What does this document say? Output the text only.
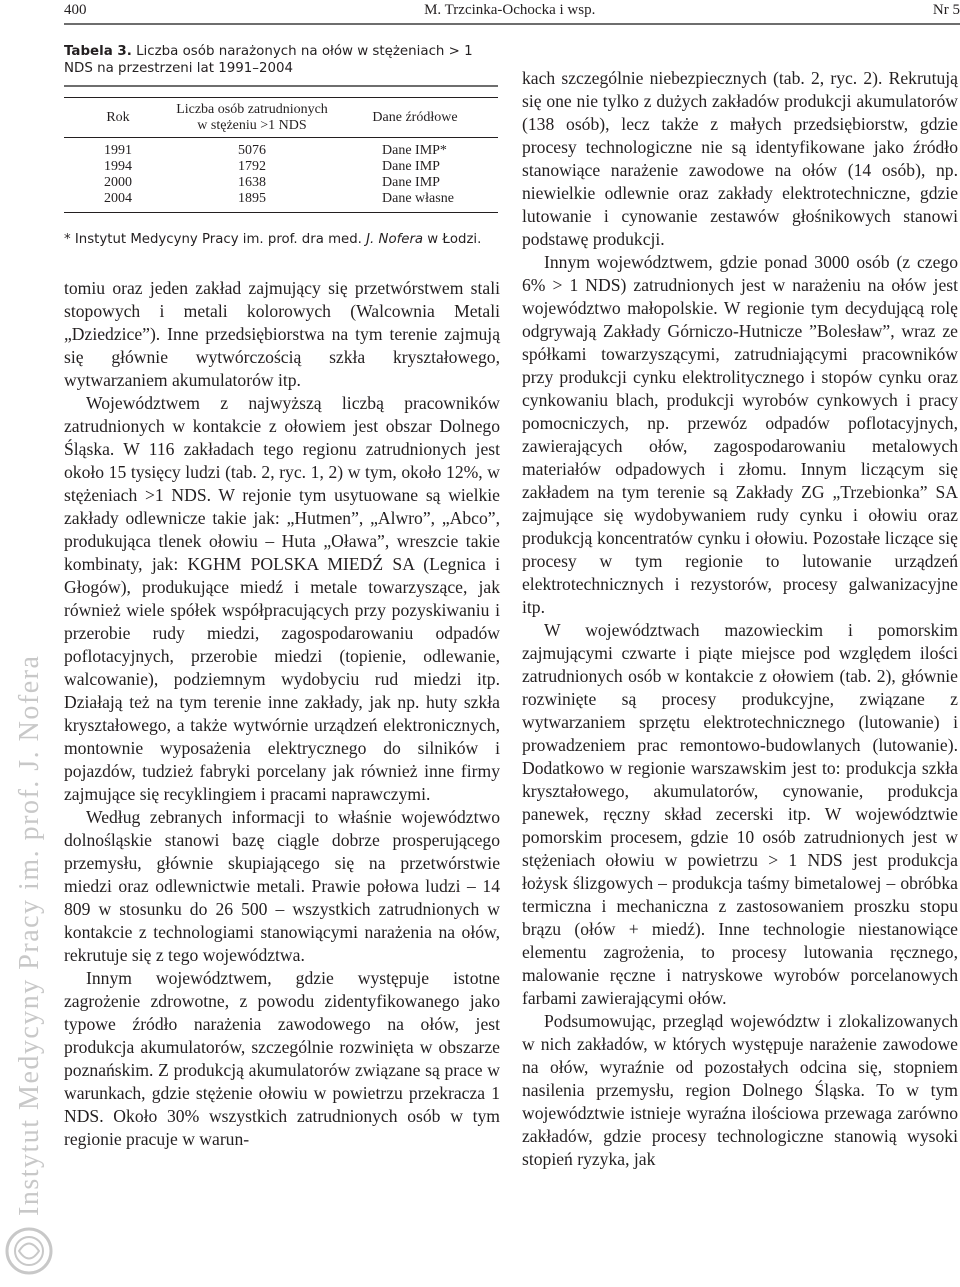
400	M. Trzcinka-Ochocka i wsp.	Nr 5

Tabela 3. Liczba osób narażonych na ołów w stężeniach > 1 NDS na przestrzeni lat 1991–2004

Rok	Liczba osób zatrudnionych w stężeniu >1 NDS	Dane źródłowe
1991	5076	Dane IMP*
1994	1792	Dane IMP
2000	1638	Dane IMP
2004	1895	Dane własne

* Instytut Medycyny Pracy im. prof. dra med. J. Nofera w Łodzi.

tomiu oraz jeden zakład zajmujący się przetwórstwem stali stopowych i metali kolorowych (Walcownia Metali „Dziedzice”). Inne przedsiębiorstwa na tym terenie zajmują się głównie wytwórczością szkła kryształowego, wytwarzaniem akumulatorów itp.

Województwem z najwyższą liczbą pracowników zatrudnionych w kontakcie z ołowiem jest obszar Dolnego Śląska. W 116 zakładach tego regionu zatrudnionych jest około 15 tysięcy ludzi (tab. 2, ryc. 1, 2) w tym, około 12%, w stężeniach >1 NDS. W rejonie tym usytuowane są wielkie zakłady odlewnicze takie jak: „Hutmen”, „Alwro”, „Abco”, produkująca tlenek ołowiu – Huta „Oława”, wreszcie takie kombinaty, jak: KGHM POLSKA MIEDŹ SA (Legnica i Głogów), produkujące miedź i metale towarzyszące, jak również wiele spółek współpracujących przy pozyskiwaniu i przerobie rudy miedzi, zagospodarowaniu odpadów poflotacyjnych, przerobie miedzi (topienie, odlewanie, walcowanie), podziemnym wydobyciu rud miedzi itp. Działają też na tym terenie inne zakłady, jak np. huty szkła kryształowego, a także wytwórnie urządzeń elektronicznych, montownie wyposażenia elektrycznego do silników i pojazdów, tudzież fabryki porcelany jak również inne firmy zajmujące się recyklingiem i pracami naprawczymi.

Według zebranych informacji to właśnie województwo dolnośląskie stanowi bazę ciągle dobrze prosperującego przemysłu, głównie skupiającego się na przetwórstwie miedzi oraz odlewnictwie metali. Prawie połowa ludzi – 14 809 w stosunku do 26 500 – wszystkich zatrudnionych w kontakcie z technologiami stanowiącymi narażenia na ołów, rekrutuje się z tego województwa.

Innym województwem, gdzie występuje istotne zagrożenie zdrowotne, z powodu zidentyfikowanego jako typowe źródło narażenia zawodowego na ołów, jest produkcja akumulatorów, szczególnie rozwinięta w obszarze poznańskim. Z produkcją akumulatorów związane są prace w warunkach, gdzie stężenie ołowiu w powietrzu przekracza 1 NDS. Około 30% wszystkich zatrudnionych osób w tym regionie pracuje w warun-

kach szczególnie niebezpiecznych (tab. 2, ryc. 2). Rekrutują się one nie tylko z dużych zakładów produkcji akumulatorów (138 osób), lecz także z małych przedsiębiorstw, gdzie procesy technologiczne nie są identyfikowane jako źródło stanowiące narażenie zawodowe na ołów (14 osób), np. niewielkie odlewnie oraz zakłady elektrotechniczne, gdzie lutowanie i cynowanie zestawów głośnikowych stanowi podstawę produkcji.

Innym województwem, gdzie ponad 3000 osób (z czego 6% > 1 NDS) zatrudnionych jest w narażeniu na ołów jest województwo małopolskie. W regionie tym decydującą rolę odgrywają Zakłady Górniczo-Hutnicze ”Bolesław”, wraz ze spółkami towarzyszącymi, zatrudniającymi pracowników przy produkcji cynku elektrolitycznego i stopów cynku oraz cynkowaniu blach, produkcji wyrobów cynkowych i pracy pomocniczych, np. przewóz odpadów poflotacyjnych, zawierających ołów, zagospodarowaniu metalowych materiałów odpadowych i złomu. Innym liczącym się zakładem na tym terenie są Zakłady ZG „Trzebionka” SA zajmujące się wydobywaniem rudy cynku i ołowiu oraz produkcją koncentratów cynku i ołowiu. Pozostałe liczące się procesy w tym regionie to lutowanie urządzeń elektrotechnicznych i rezystorów, procesy galwanizacyjne itp.

W województwach mazowieckim i pomorskim zajmującymi czwarte i piąte miejsce pod względem ilości zatrudnionych osób w kontakcie z ołowiem (tab. 2), głównie rozwinięte są procesy produkcyjne, związane z wytwarzaniem sprzętu elektrotechnicznego (lutowanie) i prowadzeniem prac remontowo-budowlanych (lutowanie). Dodatkowo w regionie warszawskim jest to: produkcja szkła kryształowego, akumulatorów, cynowanie, produkcja panewek, ręczny skład zecerski itp. W województwie pomorskim procesem, gdzie 10 osób zatrudnionych jest w stężeniach ołowiu w powietrzu > 1 NDS jest produkcja łożysk ślizgowych – produkcja taśmy bimetalowej – obróbka termiczna i mechaniczna z zastosowaniem proszku stopu brązu (ołów + miedź). Inne technologie niestanowiące elementu zagrożenia, to procesy lutowania ręcznego, malowanie ręczne i natryskowe wyrobów porcelanowych farbami zawierającymi ołów.

Podsumowując, przegląd województw i zlokalizowanych w nich zakładów, w których występuje narażenie zawodowe na ołów, wyraźnie od pozostałych odcina się, stopniem nasilenia przemysłu, region Dolnego Śląska. To w tym województwie istnieje wyraźna ilościowa przewaga zarówno zakładów, gdzie procesy technologiczne stanowią wysoki stopień ryzyka, jak

Instytut Medycyny Pracy im. prof. J. Nofera
